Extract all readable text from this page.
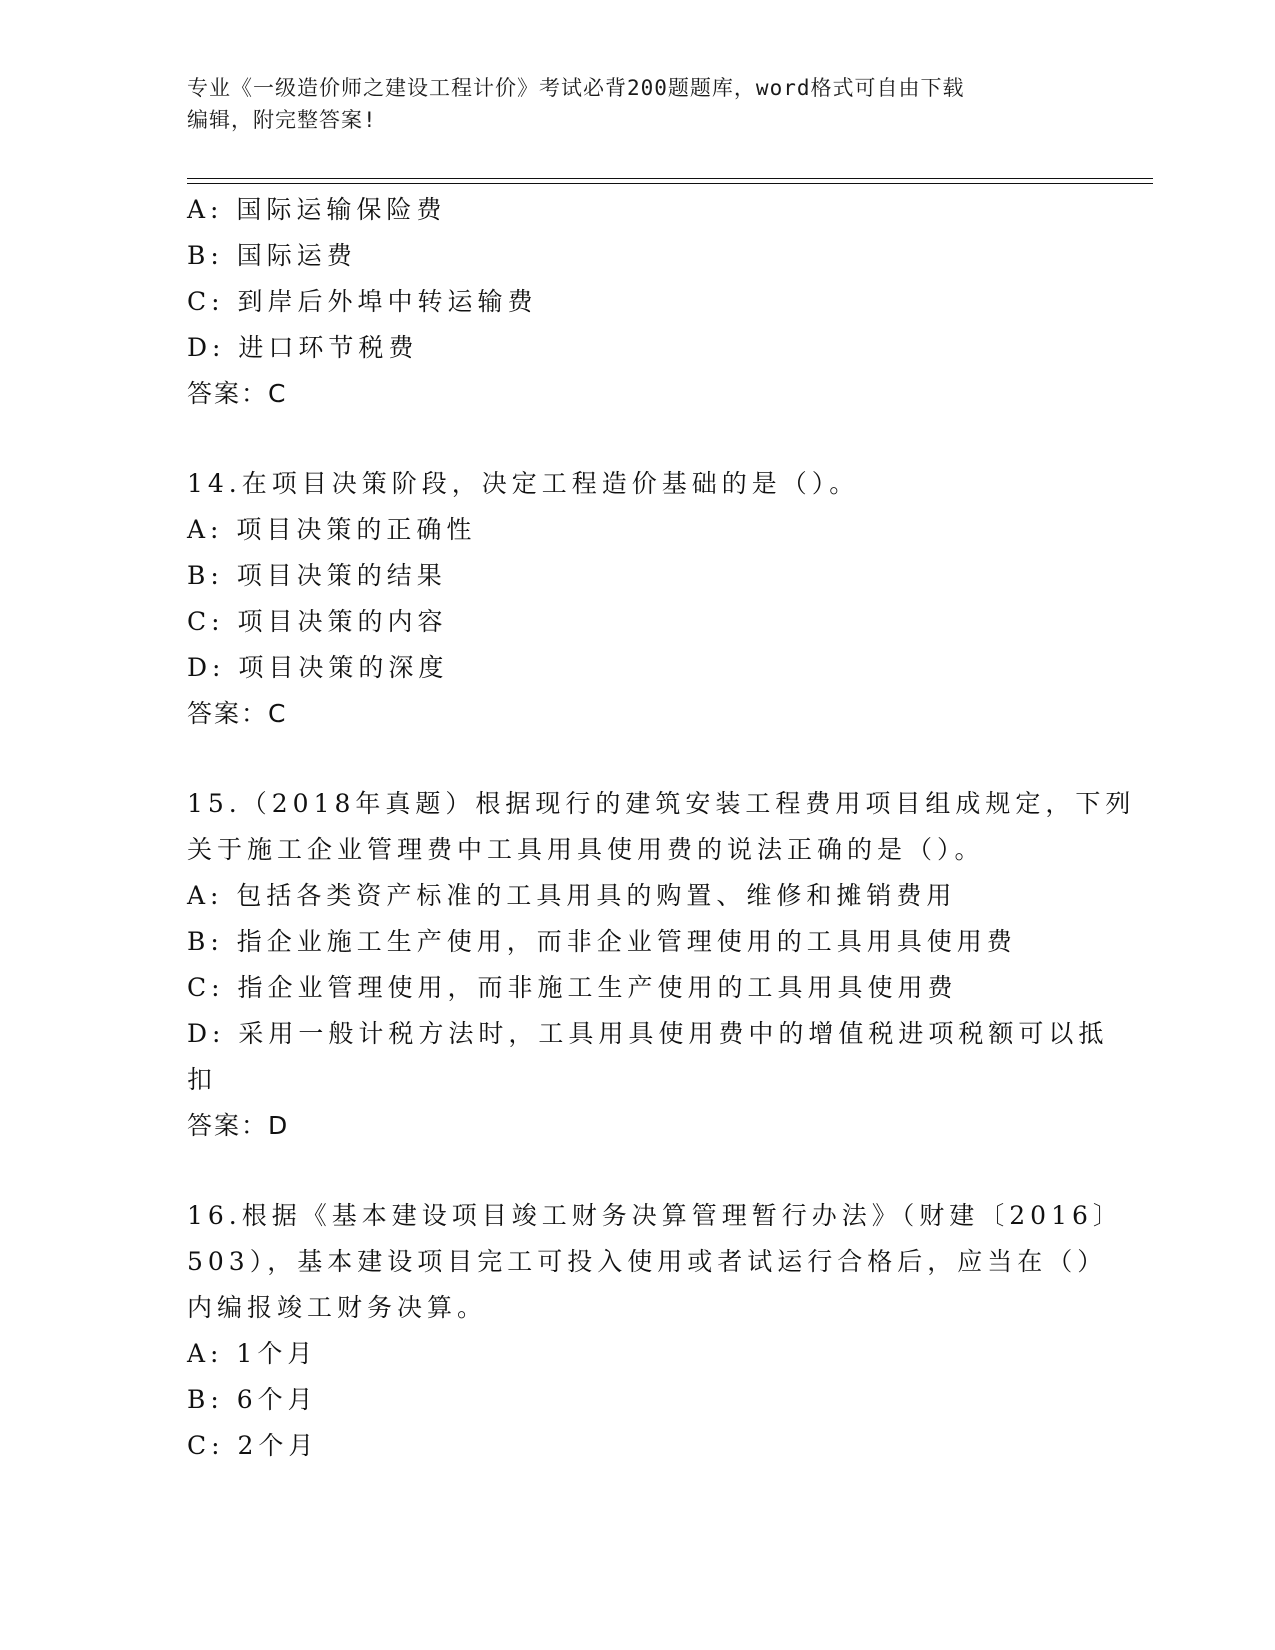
专业《一级造价师之建设工程计价》考试必背200题题库，word格式可自由下载
编辑，附完整答案!
A: 国际运输保险费
B: 国际运费
C: 到岸后外埠中转运输费
D: 进口环节税费
答案：C
14.在项目决策阶段，决定工程造价基础的是（）。
A: 项目决策的正确性
B: 项目决策的结果
C: 项目决策的内容
D: 项目决策的深度
答案：C
15.（2018年真题）根据现行的建筑安装工程费用项目组成规定，下列
关于施工企业管理费中工具用具使用费的说法正确的是（）。
A: 包括各类资产标准的工具用具的购置、维修和摊销费用
B: 指企业施工生产使用，而非企业管理使用的工具用具使用费
C: 指企业管理使用，而非施工生产使用的工具用具使用费
D: 采用一般计税方法时，工具用具使用费中的增值税进项税额可以抵
扣
答案：D
16.根据《基本建设项目竣工财务决算管理暂行办法》（财建〔2016〕
503），基本建设项目完工可投入使用或者试运行合格后，应当在（）
内编报竣工财务决算。
A: 1个月
B: 6个月
C: 2个月
